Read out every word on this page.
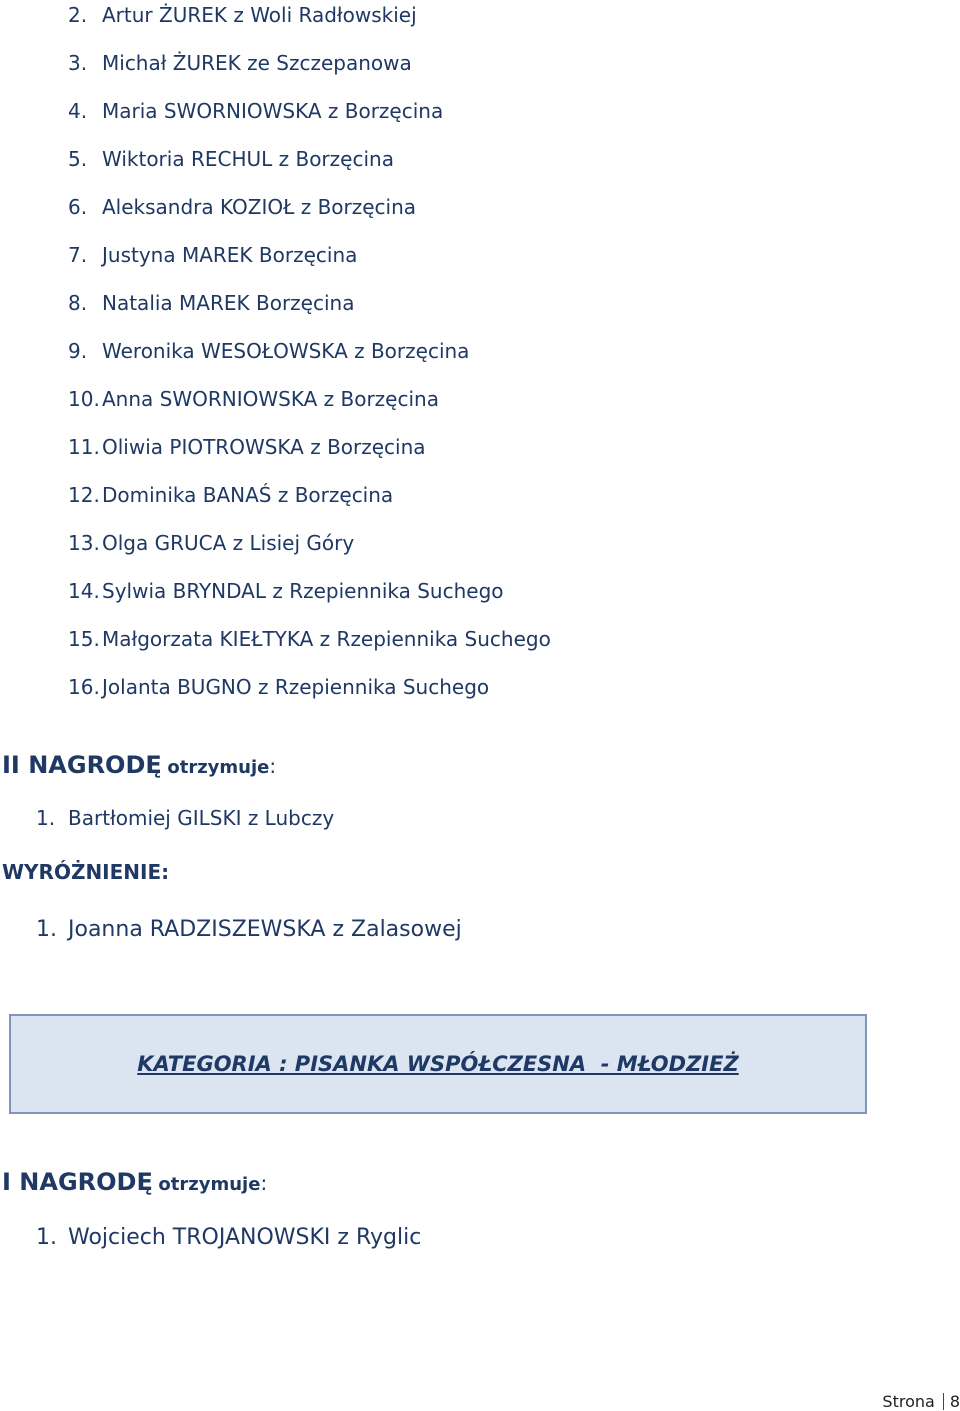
2. Artur ŻUREK z Woli Radłowskiej
3. Michał ŻUREK ze Szczepanowa
4. Maria SWORNIOWSKA z Borzęcina
5. Wiktoria RECHUL z Borzęcina
6. Aleksandra KOZIOŁ z Borzęcina
7. Justyna MAREK Borzęcina
8. Natalia MAREK Borzęcina
9. Weronika WESOŁOWSKA z Borzęcina
10. Anna SWORNIOWSKA z Borzęcina
11. Oliwia PIOTROWSKA z Borzęcina
12. Dominika BANAŚ z Borzęcina
13. Olga GRUCA z Lisiej Góry
14. Sylwia BRYNDAL z Rzepiennika Suchego
15. Małgorzata KIEŁTYKA z Rzepiennika Suchego
16. Jolanta BUGNO z Rzepiennika Suchego
II NAGRODĘ otrzymuje:
1. Bartłomiej GILSKI z Lubczy
WYRÓŻNIENIE:
1. Joanna RADZISZEWSKA z Zalasowej
KATEGORIA : PISANKA WSPÓŁCZESNA  - MŁODZIEŻ
I NAGRODĘ otrzymuje:
1. Wojciech TROJANOWSKI z Ryglic
Strona 8
